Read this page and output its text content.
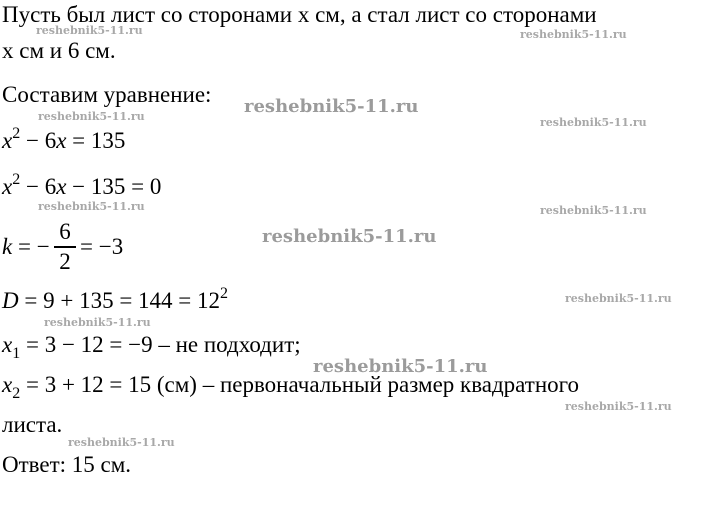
Пусть был лист со сторонами x см, а стал лист со сторонами
x см и 6 см.
Составим уравнение:
$x^2 - 6x = 135$
$x^2 - 6x - 135 = 0$
k = −
6
2
= −3
$D = 9 + 135 = 144 = 12^2$
$x_1 = 3 - 12 = -9$ – не подходит;
$x_2 = 3 + 12 = 15$ (см) – первоначальный размер квадратного
листа.
Ответ: 15 см.
reshebnik5-11.ru	reshebnik5-11.ru
reshebnik5-11.ru
reshebnik5-11.ru	reshebnik5-11.ru
reshebnik5-11.ru	reshebnik5-11.ru
reshebnik5-11.ru
reshebnik5-11.ru
reshebnik5-11.ru
reshebnik5-11.ru
reshebnik5-11.ru
reshebnik5-11.ru
